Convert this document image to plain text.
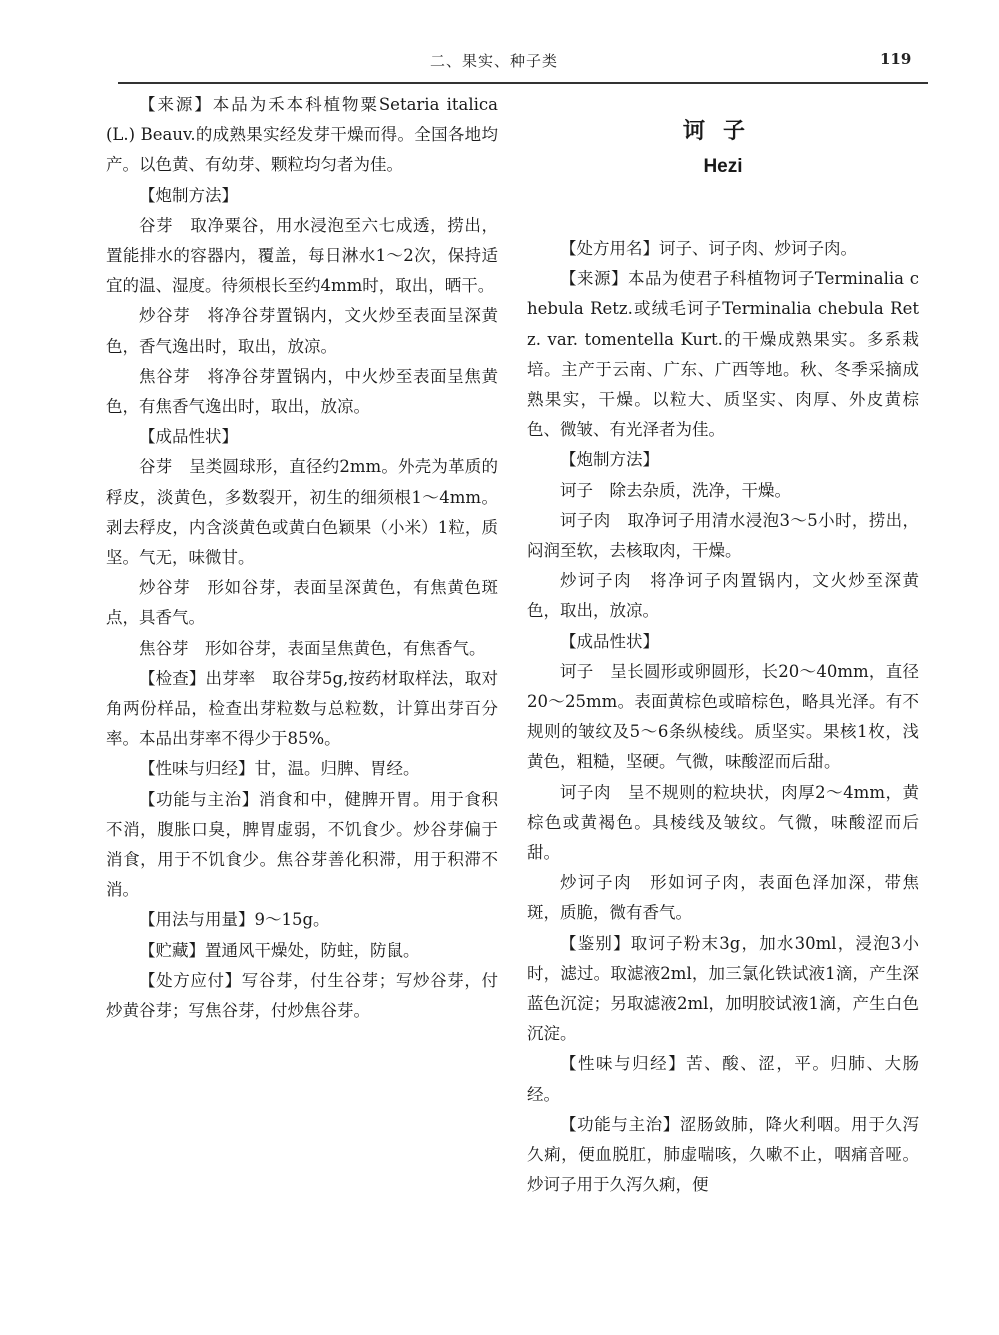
二、果实、种子类	119

【来源】本品为禾本科植物粟Setaria italica (L.) Beauv.的成熟果实经发芽干燥而得。全国各地均产。以色黄、有幼芽、颗粒均匀者为佳。

【炮制方法】

谷芽　取净粟谷，用水浸泡至六七成透，捞出，置能排水的容器内，覆盖，每日淋水1～2次，保持适宜的温、湿度。待须根长至约4mm时，取出，晒干。

炒谷芽　将净谷芽置锅内，文火炒至表面呈深黄色，香气逸出时，取出，放凉。

焦谷芽　将净谷芽置锅内，中火炒至表面呈焦黄色，有焦香气逸出时，取出，放凉。

【成品性状】

谷芽　呈类圆球形，直径约2mm。外壳为革质的稃皮，淡黄色，多数裂开，初生的细须根1～4mm。剥去稃皮，内含淡黄色或黄白色颖果（小米）1粒，质坚。气无，味微甘。

炒谷芽　形如谷芽，表面呈深黄色，有焦黄色斑点，具香气。

焦谷芽　形如谷芽，表面呈焦黄色，有焦香气。

【检查】出芽率　取谷芽5g,按药材取样法，取对角两份样品，检查出芽粒数与总粒数，计算出芽百分率。本品出芽率不得少于85%。

【性味与归经】甘，温。归脾、胃经。

【功能与主治】消食和中，健脾开胃。用于食积不消，腹胀口臭，脾胃虚弱，不饥食少。炒谷芽偏于消食，用于不饥食少。焦谷芽善化积滞，用于积滞不消。

【用法与用量】9～15g。

【贮藏】置通风干燥处，防蛀，防鼠。

【处方应付】写谷芽，付生谷芽；写炒谷芽，付炒黄谷芽；写焦谷芽，付炒焦谷芽。

诃子
Hezi

【处方用名】诃子、诃子肉、炒诃子肉。

【来源】本品为使君子科植物诃子Terminalia chebula Retz.或绒毛诃子Terminalia chebula Retz. var. tomentella Kurt.的干燥成熟果实。多系栽培。主产于云南、广东、广西等地。秋、冬季采摘成熟果实，干燥。以粒大、质坚实、肉厚、外皮黄棕色、微皱、有光泽者为佳。

【炮制方法】

诃子　除去杂质，洗净，干燥。

诃子肉　取净诃子用清水浸泡3～5小时，捞出，闷润至软，去核取肉，干燥。

炒诃子肉　将净诃子肉置锅内，文火炒至深黄色，取出，放凉。

【成品性状】

诃子　呈长圆形或卵圆形，长20～40mm，直径20～25mm。表面黄棕色或暗棕色，略具光泽。有不规则的皱纹及5～6条纵棱线。质坚实。果核1枚，浅黄色，粗糙，坚硬。气微，味酸涩而后甜。

诃子肉　呈不规则的粒块状，肉厚2～4mm，黄棕色或黄褐色。具棱线及皱纹。气微，味酸涩而后甜。

炒诃子肉　形如诃子肉，表面色泽加深，带焦斑，质脆，微有香气。

【鉴别】取诃子粉末3g，加水30ml，浸泡3小时，滤过。取滤液2ml，加三氯化铁试液1滴，产生深蓝色沉淀；另取滤液2ml，加明胶试液1滴，产生白色沉淀。

【性味与归经】苦、酸、涩，平。归肺、大肠经。

【功能与主治】涩肠敛肺，降火利咽。用于久泻久痢，便血脱肛，肺虚喘咳，久嗽不止，咽痛音哑。炒诃子用于久泻久痢，便
